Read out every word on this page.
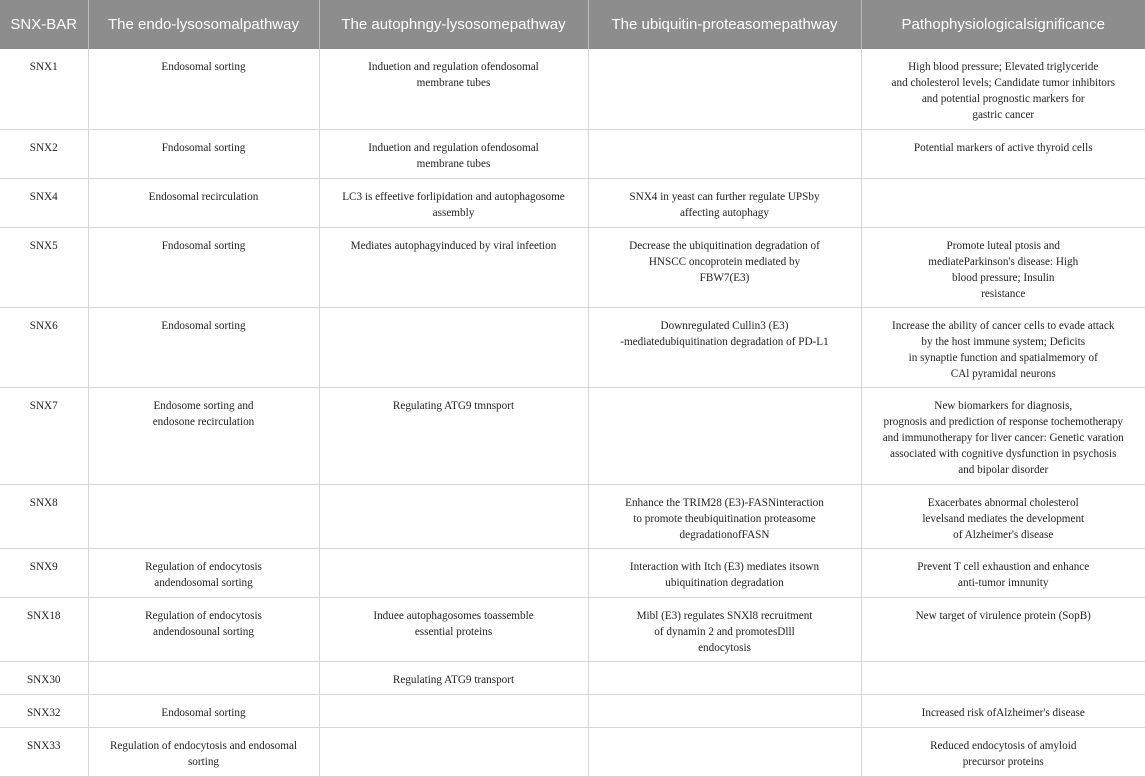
SNX-BAR	The endo-lysosomalpathway	The autophngy-lysosomepathway	The ubiquitin-proteasomepathway	Pathophysiologicalsignificance

SNX1	Endosomal sorting	Induetion and regulation ofendosomal
membrane tubes		High blood pressure; Elevated triglyceride
and cholesterol levels; Candidate tumor inhibitors
and potential prognostic markers for
gastric cancer

SNX2	Fndosomal sorting	Induetion and regulation ofendosomal
membrane tubes		Potential markers of active thyroid cells

SNX4	Endosomal recirculation	LC3 is effeetive forlipidation and autophagosome
assembly	SNX4 in yeast can further regulate UPSby
affecting autophagy	

SNX5	Fndosomal sorting	Mediates autophagyinduced by viral infeetion	Decrease the ubiquitination degradation of
HNSCC oncoprotein mediated by
FBW7(E3)	Promote luteal ptosis and
mediateParkinson's disease: High
blood pressure; Insulin
resistance

SNX6	Endosomal sorting		Downregulated Cullin3 (E3)
-mediatedubiquitination degradation of PD-L1	Increase the ability of cancer cells to evade attack
by the host immune system; Deficits
in synaptie function and spatialmemory of
CAl pyramidal neurons

SNX7	Endosome sorting and
endosone recirculation	Regulating ATG9 tmnsport		New biomarkers for diagnosis,
prognosis and prediction of response tochemotherapy
and immunotherapy for liver cancer: Genetic varation
associated with cognitive dysfunction in psychosis
and bipolar disorder

SNX8			Enhance the TRIM28 (E3)-FASNinteraction
to promote theubiquitination proteasome
degradationofFASN	Exacerbates abnormal cholesterol
levelsand mediates the development
of Alzheimer's disease

SNX9	Regulation of endocytosis
andendosomal sorting		Interaction with Itch (E3) mediates itsown
ubiquitination degradation	Prevent T cell exhaustion and enhance
anti-tumor imnunity

SNX18	Regulation of endocytosis
andendosounal sorting	Induee autophagosomes toassemble
essential proteins	Mibl (E3) regulates SNXl8 recruitment
of dynamin 2 and promotesDlll
endocytosis	New target of virulence protein (SopB)

SNX30		Regulating ATG9 transport		

SNX32	Endosomal sorting			Increased risk ofAlzheimer's disease

SNX33	Regulation of endocytosis and endosomal
sorting			Reduced endocytosis of amyloid
precursor proteins
